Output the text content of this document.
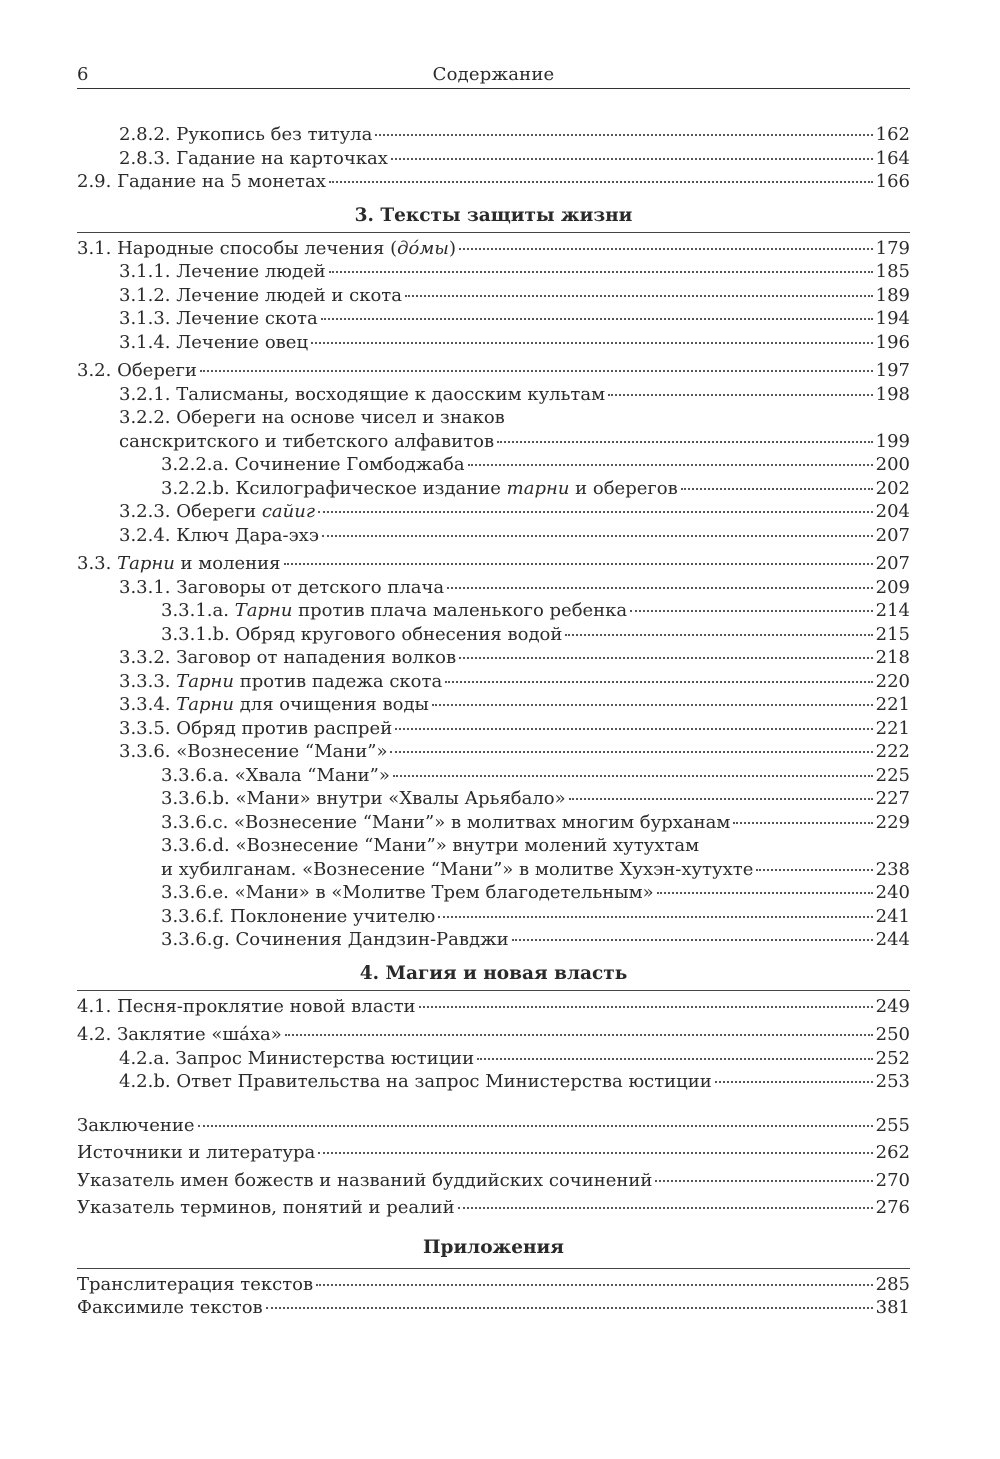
6	Содержание
2.8.2. Рукопись без титула	162
2.8.3. Гадание на карточках	164
2.9. Гадание на 5 монетах	166
3. Тексты защиты жизни
3.1. Народные способы лечения (до́мы)	179
3.1.1. Лечение людей	185
3.1.2. Лечение людей и скота	189
3.1.3. Лечение скота	194
3.1.4. Лечение овец	196
3.2. Обереги	197
3.2.1. Талисманы, восходящие к даосским культам	198
3.2.2. Обереги на основе чисел и знаков
санскритского и тибетского алфавитов	199
3.2.2.a. Сочинение Гомбоджаба	200
3.2.2.b. Ксилографическое издание тарни и оберегов	202
3.2.3. Обереги сайиг	204
3.2.4. Ключ Дара-эхэ	207
3.3. Тарни и моления	207
3.3.1. Заговоры от детского плача	209
3.3.1.a. Тарни против плача маленького ребенка	214
3.3.1.b. Обряд кругового обнесения водой	215
3.3.2. Заговор от нападения волков	218
3.3.3. Тарни против падежа скота	220
3.3.4. Тарни для очищения воды	221
3.3.5. Обряд против распрей	221
3.3.6. «Вознесение “Мани”»	222
3.3.6.a. «Хвала “Мани”»	225
3.3.6.b. «Мани» внутри «Хвалы Арьябало»	227
3.3.6.c. «Вознесение “Мани”» в молитвах многим бурханам	229
3.3.6.d. «Вознесение “Мани”» внутри молений хутухтам
и хубилганам. «Вознесение “Мани”» в молитве Хухэн-хутухте	238
3.3.6.e. «Мани» в «Молитве Трем благодетельным»	240
3.3.6.f. Поклонение учителю	241
3.3.6.g. Сочинения Дандзин-Равджи	244
4. Магия и новая власть
4.1. Песня-проклятие новой власти	249
4.2. Заклятие «ша́ха»	250
4.2.a. Запрос Министерства юстиции	252
4.2.b. Ответ Правительства на запрос Министерства юстиции	253
Заключение	255
Источники и литература	262
Указатель имен божеств и названий буддийских сочинений	270
Указатель терминов, понятий и реалий	276
Приложения
Транслитерация текстов	285
Факсимиле текстов	381
